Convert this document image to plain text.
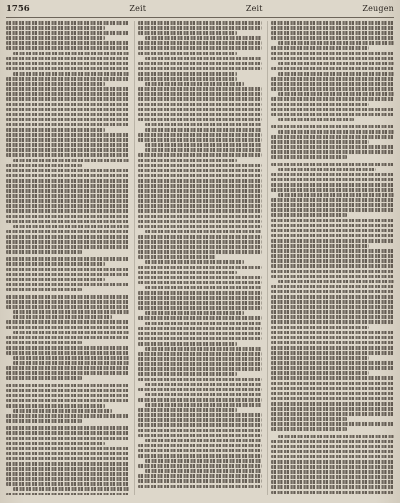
1756	Zeit	Zeit	Zeugen
